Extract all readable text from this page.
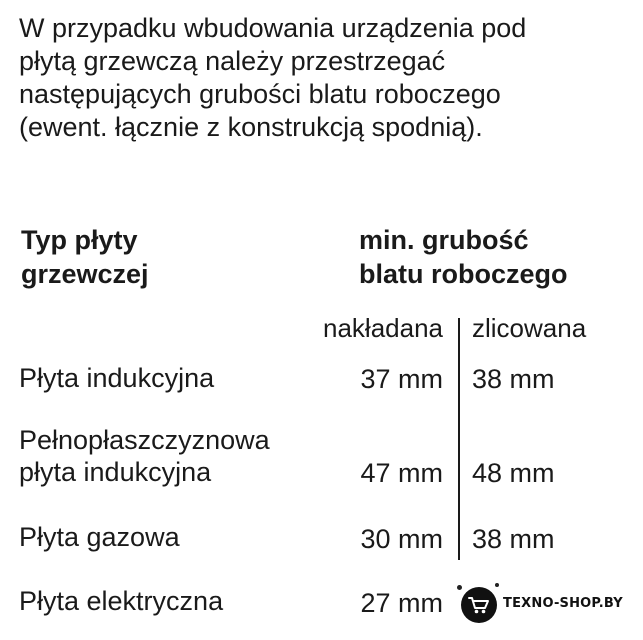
W przypadku wbudowania urządzenia pod
płytą grzewczą należy przestrzegać
następujących grubości blatu roboczego
(ewent. łącznie z konstrukcją spodnią).
Typ płyty
grzewczej
min. grubość
blatu roboczego
nakładana zlicowana
Płyta indukcyjna	37 mm 38 mm
Pełnopłaszczyznowa
płyta indukcyjna	47 mm 48 mm
Płyta gazowa	30 mm 38 mm
Płyta elektryczna	27 mm	TEXNO-SHOP.BY
